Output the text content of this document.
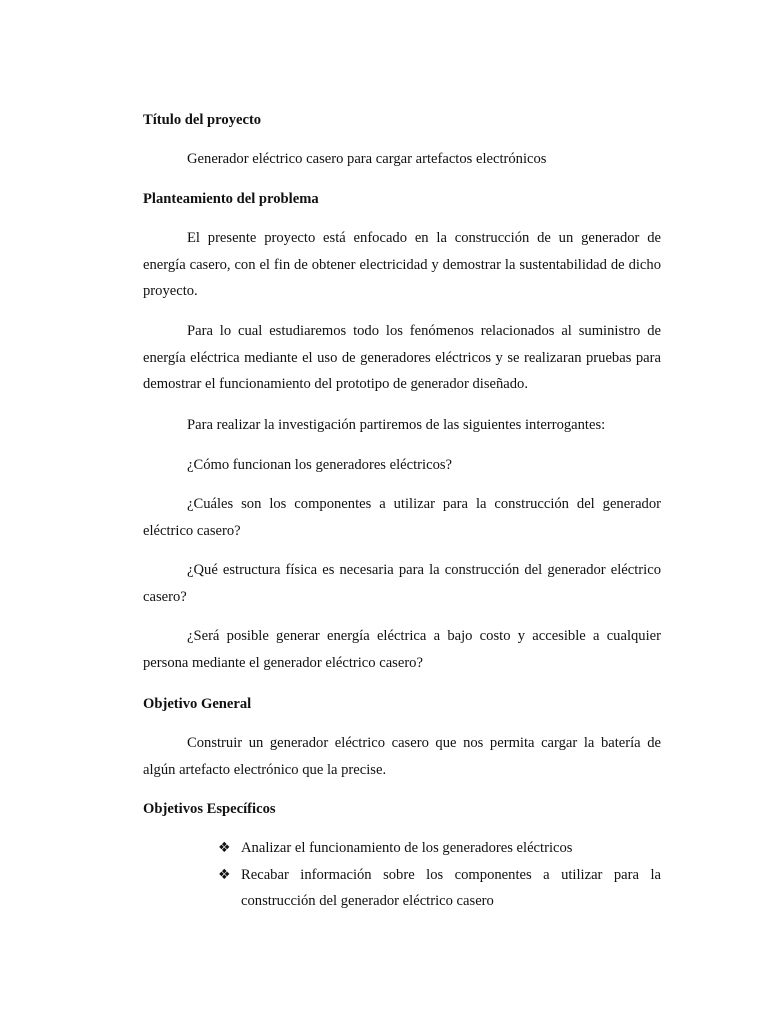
Título del proyecto

Generador eléctrico casero para cargar artefactos electrónicos

Planteamiento del problema

El presente proyecto está enfocado en la construcción de un generador de energía casero, con el fin de obtener electricidad y demostrar la sustentabilidad de dicho proyecto.

Para lo cual estudiaremos todo los fenómenos relacionados al suministro de energía eléctrica mediante el uso de generadores eléctricos y se realizaran pruebas para demostrar el funcionamiento del prototipo de generador diseñado.

Para realizar la investigación partiremos de las siguientes interrogantes:

¿Cómo funcionan los generadores eléctricos?

¿Cuáles son los componentes a utilizar para la construcción del generador eléctrico casero?

¿Qué estructura física es necesaria para la construcción del generador eléctrico casero?

¿Será posible generar energía eléctrica a bajo costo y accesible a cualquier persona mediante el generador eléctrico casero?

Objetivo General

Construir un generador eléctrico casero que nos permita cargar la batería de algún artefacto electrónico que la precise.

Objetivos Específicos

❖ Analizar el funcionamiento de los generadores eléctricos
❖ Recabar información sobre los componentes a utilizar para la construcción del generador eléctrico casero
